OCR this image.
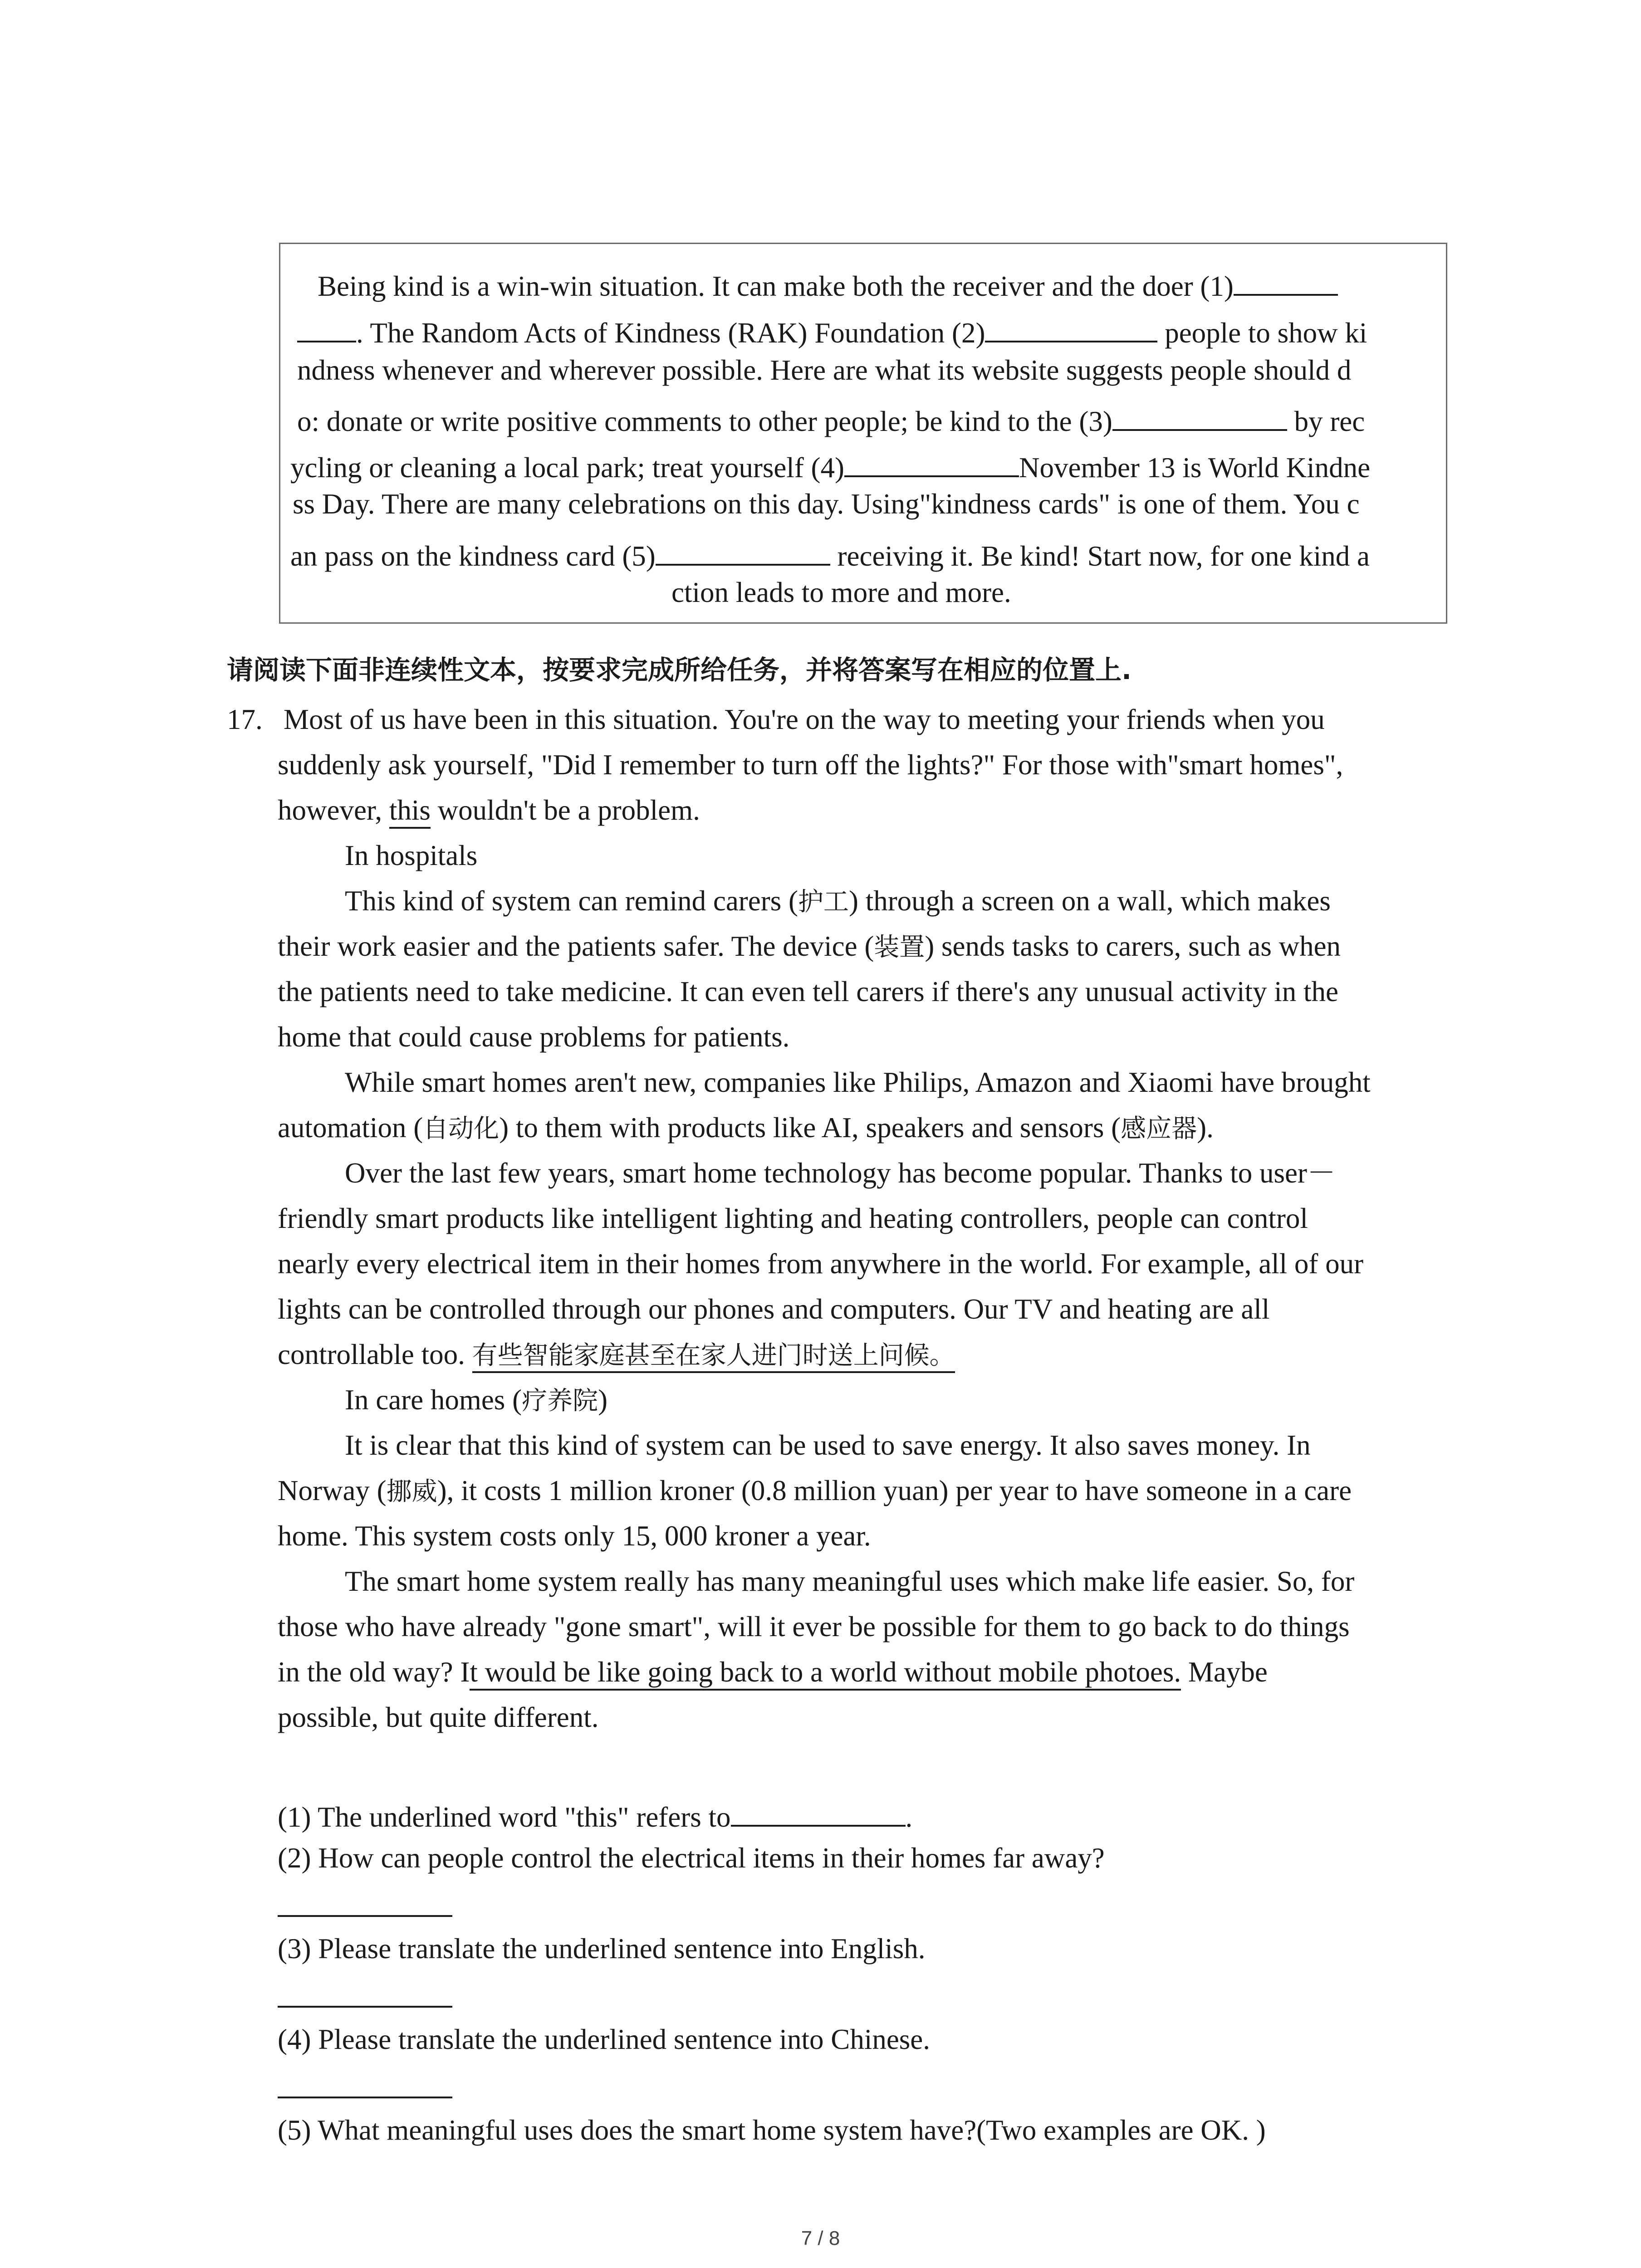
Being kind is a win-win situation. It can make both the receiver and the doer (1)
. The Random Acts of Kindness (RAK) Foundation (2)	people to show ki
ndness whenever and wherever possible. Here are what its website suggests people should d
o: donate or write positive comments to other people; be kind to the (3)	by rec
ycling or cleaning a local park; treat yourself (4)	November 13 is World Kindne
ss Day. There are many celebrations on this day. Using"kindness cards" is one of them. You c
an pass on the kindness card (5)	receiving it. Be kind! Start now, for one kind a
ction leads to more and more.
请阅读下面非连续性文本，按要求完成所给任务，并将答案写在相应的位置上.
17. Most of us have been in this situation. You're on the way to meeting your friends when you
suddenly ask yourself, "Did I remember to turn off the lights?" For those with"smart homes",
however, this wouldn't be a problem.
In hospitals
This kind of system can remind carers (护工) through a screen on a wall, which makes
their work easier and the patients safer. The device (装置) sends tasks to carers, such as when
the patients need to take medicine. It can even tell carers if there's any unusual activity in the
home that could cause problems for patients.
While smart homes aren't new, companies like Philips, Amazon and Xiaomi have brought
automation (自动化) to them with products like AI, speakers and sensors (感应器).
Over the last few years, smart home technology has become popular. Thanks to user－
friendly smart products like intelligent lighting and heating controllers, people can control
nearly every electrical item in their homes from anywhere in the world. For example, all of our
lights can be controlled through our phones and computers. Our TV and heating are all
controllable too. 有些智能家庭甚至在家人进门时送上问候。
In care homes (疗养院)
It is clear that this kind of system can be used to save energy. It also saves money. In
Norway (挪威), it costs 1 million kroner (0.8 million yuan) per year to have someone in a care
home. This system costs only 15, 000 kroner a year.
The smart home system really has many meaningful uses which make life easier. So, for
those who have already "gone smart", will it ever be possible for them to go back to do things
in the old way? It would be like going back to a world without mobile photoes. Maybe
possible, but quite different.
(1) The underlined word "this" refers to	.
(2) How can people control the electrical items in their homes far away?
(3) Please translate the underlined sentence into English.
(4) Please translate the underlined sentence into Chinese.
(5) What meaningful uses does the smart home system have?(Two examples are OK. )
7 / 8
